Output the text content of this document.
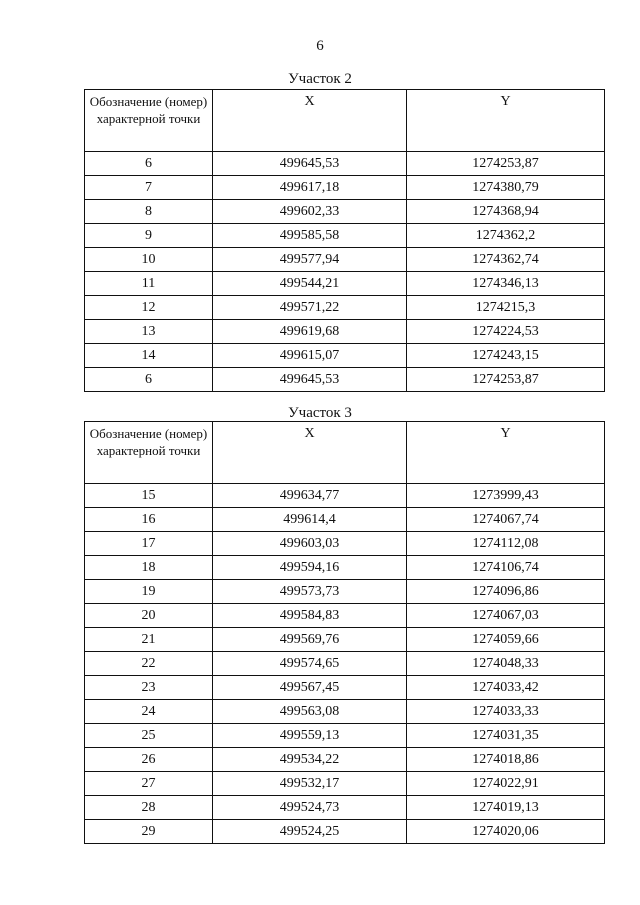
6
Участок 2
Обозначение (номер) характерной точки	X	Y
6	499645,53	1274253,87
7	499617,18	1274380,79
8	499602,33	1274368,94
9	499585,58	1274362,2
10	499577,94	1274362,74
11	499544,21	1274346,13
12	499571,22	1274215,3
13	499619,68	1274224,53
14	499615,07	1274243,15
6	499645,53	1274253,87
Участок 3
Обозначение (номер) характерной точки	X	Y
15	499634,77	1273999,43
16	499614,4	1274067,74
17	499603,03	1274112,08
18	499594,16	1274106,74
19	499573,73	1274096,86
20	499584,83	1274067,03
21	499569,76	1274059,66
22	499574,65	1274048,33
23	499567,45	1274033,42
24	499563,08	1274033,33
25	499559,13	1274031,35
26	499534,22	1274018,86
27	499532,17	1274022,91
28	499524,73	1274019,13
29	499524,25	1274020,06
